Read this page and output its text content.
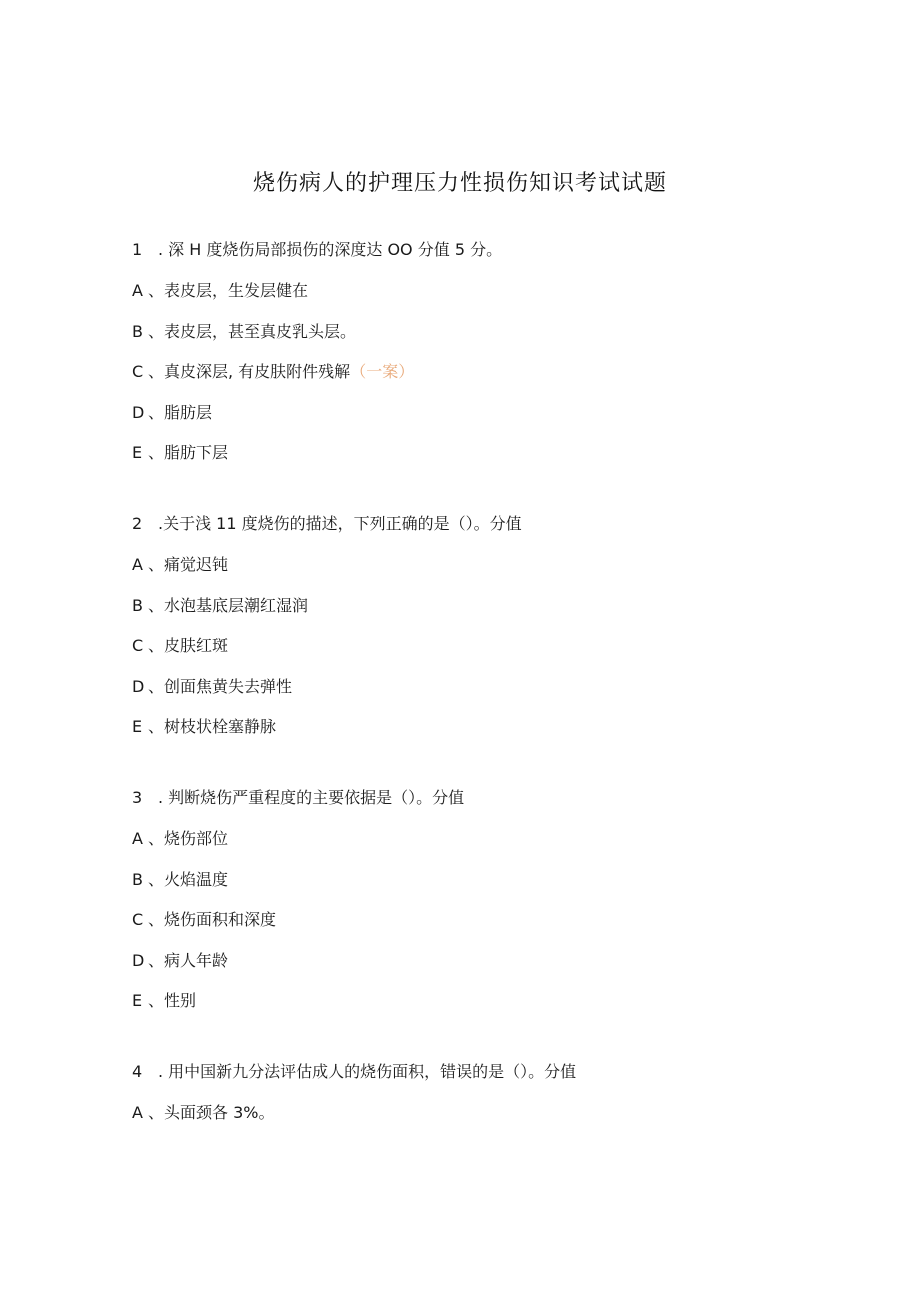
烧伤病人的护理压力性损伤知识考试试题
1 . 深 H 度烧伤局部损伤的深度达 OO 分值 5 分。
A 、表皮层，生发层健在
B 、表皮层，甚至真皮乳头层。
C 、真皮深层, 有皮肤附件残解（一案）
D 、脂肪层
E 、脂肪下层
2 .关于浅 11 度烧伤的描述，下列正确的是（）。分值
A 、痛觉迟钝
B 、水泡基底层潮红湿润
C 、皮肤红斑
D 、创面焦黄失去弹性
E 、树枝状栓塞静脉
3 . 判断烧伤严重程度的主要依据是（）。分值
A 、烧伤部位
B 、火焰温度
C 、烧伤面积和深度
D 、病人年龄
E 、性别
4 . 用中国新九分法评估成人的烧伤面积，错误的是（）。分值
A 、头面颈各 3%。
